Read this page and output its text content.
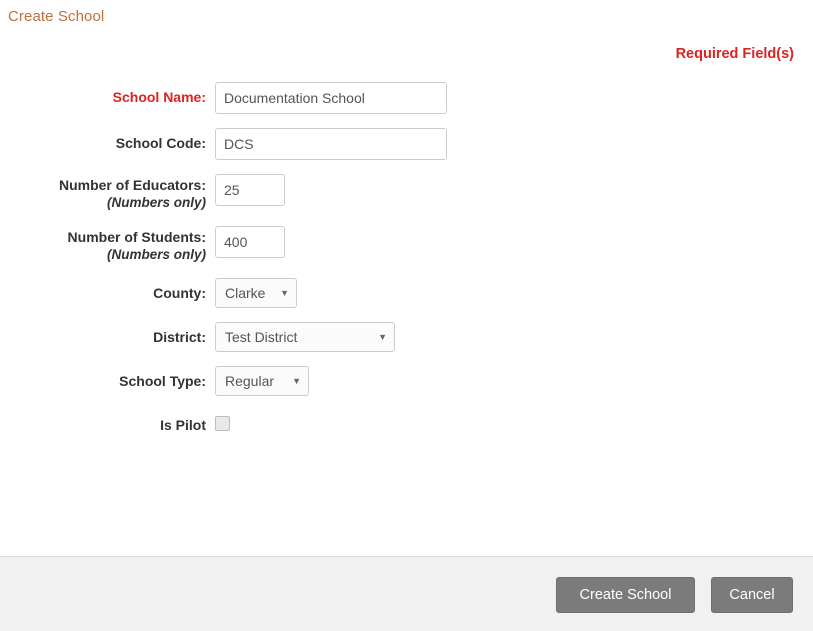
Create School
Required Field(s)
School Name:
Documentation School
School Code:
DCS
Number of Educators:
(Numbers only)
25
Number of Students:
(Numbers only)
400
County:	Clarke ▼
District:	Test District	▼
School Type:	Regular ▼
Is Pilot
Create School	Cancel
